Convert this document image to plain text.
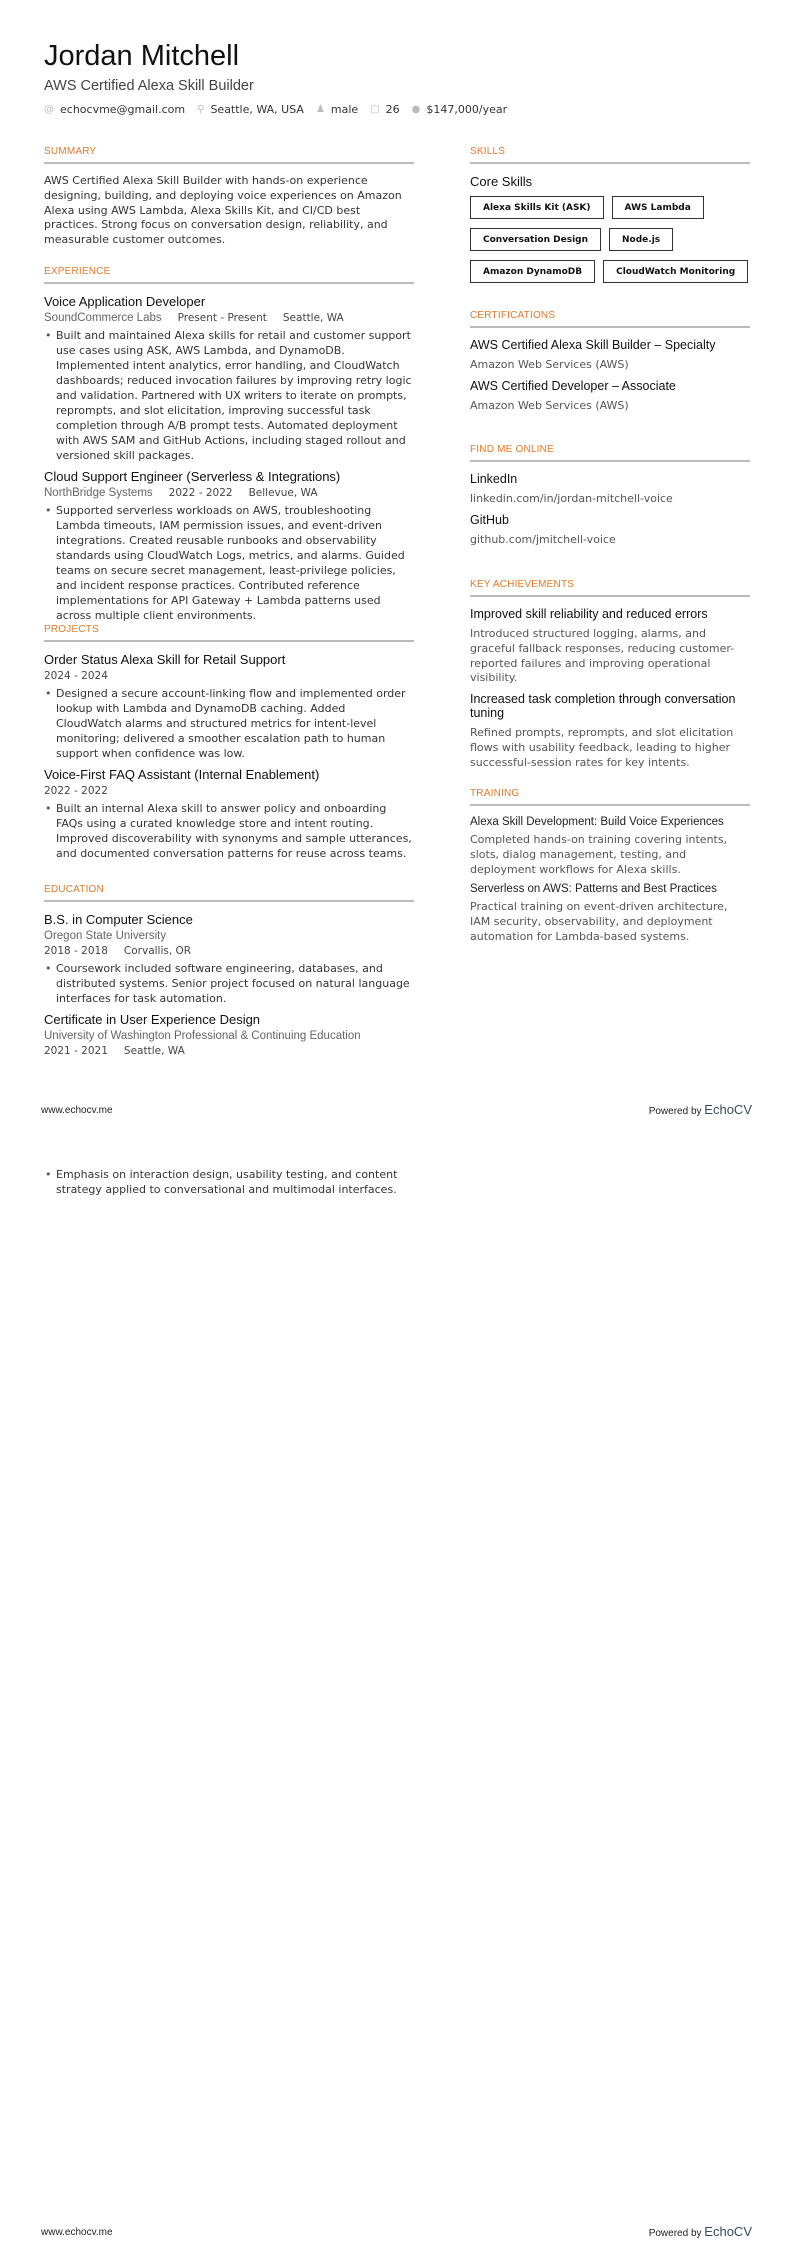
Jordan Mitchell
AWS Certified Alexa Skill Builder
@ echocvme@gmail.com ⚲ Seattle, WA, USA ♟ male ▢ 26 ● $147,000/year
SUMMARY

AWS Certified Alexa Skill Builder with hands-on experience designing, building, and deploying voice experiences on Amazon Alexa using AWS Lambda, Alexa Skills Kit, and CI/CD best practices. Strong focus on conversation design, reliability, and measurable customer outcomes.

EXPERIENCE
Voice Application Developer
SoundCommerce Labs Present - Present Seattle, WA
• Built and maintained Alexa skills for retail and customer support use cases using ASK, AWS Lambda, and DynamoDB. Implemented intent analytics, error handling, and CloudWatch dashboards; reduced invocation failures by improving retry logic and validation. Partnered with UX writers to iterate on prompts, reprompts, and slot elicitation, improving successful task completion through A/B prompt tests. Automated deployment with AWS SAM and GitHub Actions, including staged rollout and versioned skill packages.
Cloud Support Engineer (Serverless & Integrations)
NorthBridge Systems 2022 - 2022 Bellevue, WA
• Supported serverless workloads on AWS, troubleshooting Lambda timeouts, IAM permission issues, and event-driven integrations. Created reusable runbooks and observability standards using CloudWatch Logs, metrics, and alarms. Guided teams on secure secret management, least-privilege policies, and incident response practices. Contributed reference implementations for API Gateway + Lambda patterns used across multiple client environments.
PROJECTS
Order Status Alexa Skill for Retail Support
2024 - 2024
• Designed a secure account-linking flow and implemented order lookup with Lambda and DynamoDB caching. Added CloudWatch alarms and structured metrics for intent-level monitoring; delivered a smoother escalation path to human support when confidence was low.
Voice-First FAQ Assistant (Internal Enablement)
2022 - 2022
• Built an internal Alexa skill to answer policy and onboarding FAQs using a curated knowledge store and intent routing. Improved discoverability with synonyms and sample utterances, and documented conversation patterns for reuse across teams.
EDUCATION
B.S. in Computer Science
Oregon State University
2018 - 2018 Corvallis, OR
• Coursework included software engineering, databases, and distributed systems. Senior project focused on natural language interfaces for task automation.
Certificate in User Experience Design
University of Washington Professional & Continuing Education
2021 - 2021 Seattle, WA
SKILLS
Core Skills
Alexa Skills Kit (ASK)	AWS Lambda
Conversation Design	Node.js
Amazon DynamoDB	CloudWatch Monitoring
CERTIFICATIONS
AWS Certified Alexa Skill Builder – Specialty
Amazon Web Services (AWS)
AWS Certified Developer – Associate
Amazon Web Services (AWS)
FIND ME ONLINE
LinkedIn
linkedin.com/in/jordan-mitchell-voice
GitHub
github.com/jmitchell-voice
KEY ACHIEVEMENTS
Improved skill reliability and reduced errors

Introduced structured logging, alarms, and graceful fallback responses, reducing customer-reported failures and improving operational visibility.

Increased task completion through conversation tuning

Refined prompts, reprompts, and slot elicitation flows with usability feedback, leading to higher successful-session rates for key intents.

TRAINING
Alexa Skill Development: Build Voice Experiences

Completed hands-on training covering intents, slots, dialog management, testing, and deployment workflows for Alexa skills.

Serverless on AWS: Patterns and Best Practices

Practical training on event-driven architecture, IAM security, observability, and deployment automation for Lambda-based systems.

www.echocv.me	Powered by EchoCV
• Emphasis on interaction design, usability testing, and content strategy applied to conversational and multimodal interfaces.
www.echocv.me	Powered by EchoCV
